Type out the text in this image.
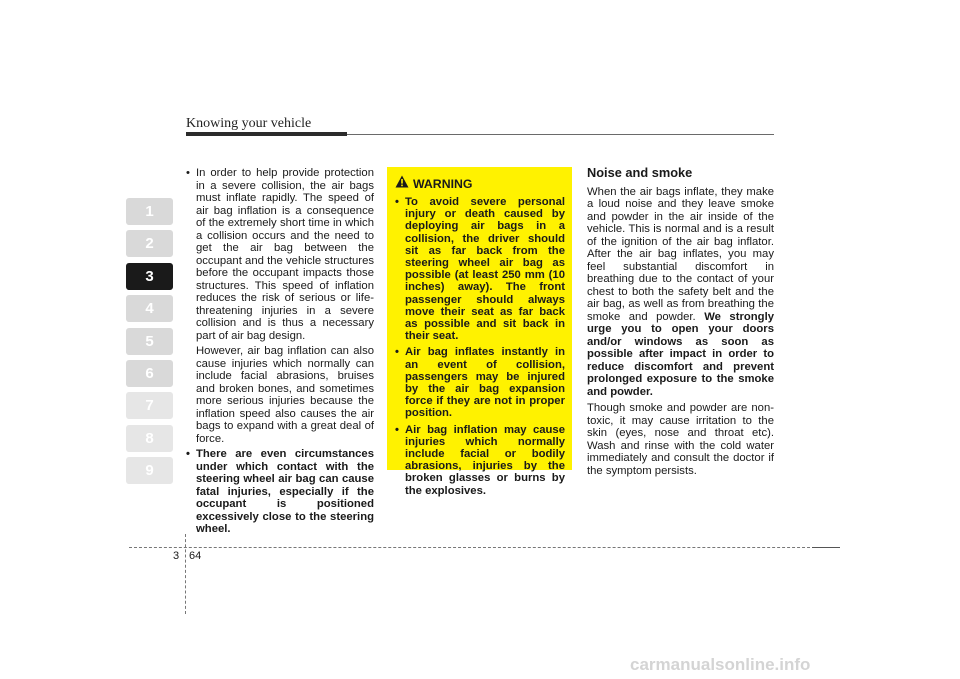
Knowing your vehicle
1
2
3
4
5
6
7
8
9
• In order to help provide protection in a severe collision, the air bags must inflate rapidly. The speed of air bag inflation is a consequence of the extremely short time in which a collision occurs and the need to get the air bag between the occupant and the vehicle structures before the occupant impacts those structures. This speed of inflation reduces the risk of serious or life-threatening injuries in a severe collision and is thus a necessary part of air bag design.
However, air bag inflation can also cause injuries which normally can include facial abrasions, bruises and broken bones, and sometimes more serious injuries because the inflation speed also causes the air bags to expand with a great deal of force.
• There are even circumstances under which contact with the steering wheel air bag can cause fatal injuries, especially if the occupant is positioned excessively close to the steering wheel.
WARNING
• To avoid severe personal injury or death caused by deploying air bags in a collision, the driver should sit as far back from the steering wheel air bag as possible (at least 250 mm (10 inches) away). The front passenger should always move their seat as far back as possible and sit back in their seat.
• Air bag inflates instantly in an event of collision, passengers may be injured by the air bag expansion force if they are not in proper position.
• Air bag inflation may cause injuries which normally include facial or bodily abrasions, injuries by the broken glasses or burns by the explosives.
Noise and smoke
When the air bags inflate, they make a loud noise and they leave smoke and powder in the air inside of the vehicle. This is normal and is a result of the ignition of the air bag inflator. After the air bag inflates, you may feel substantial discomfort in breathing due to the contact of your chest to both the safety belt and the air bag, as well as from breathing the smoke and powder. We strongly urge you to open your doors and/or windows as soon as possible after impact in order to reduce discomfort and prevent prolonged exposure to the smoke and powder.
Though smoke and powder are non-toxic, it may cause irritation to the skin (eyes, nose and throat etc). Wash and rinse with the cold water immediately and consult the doctor if the symptom persists.
3 64
carmanualsonline.info
